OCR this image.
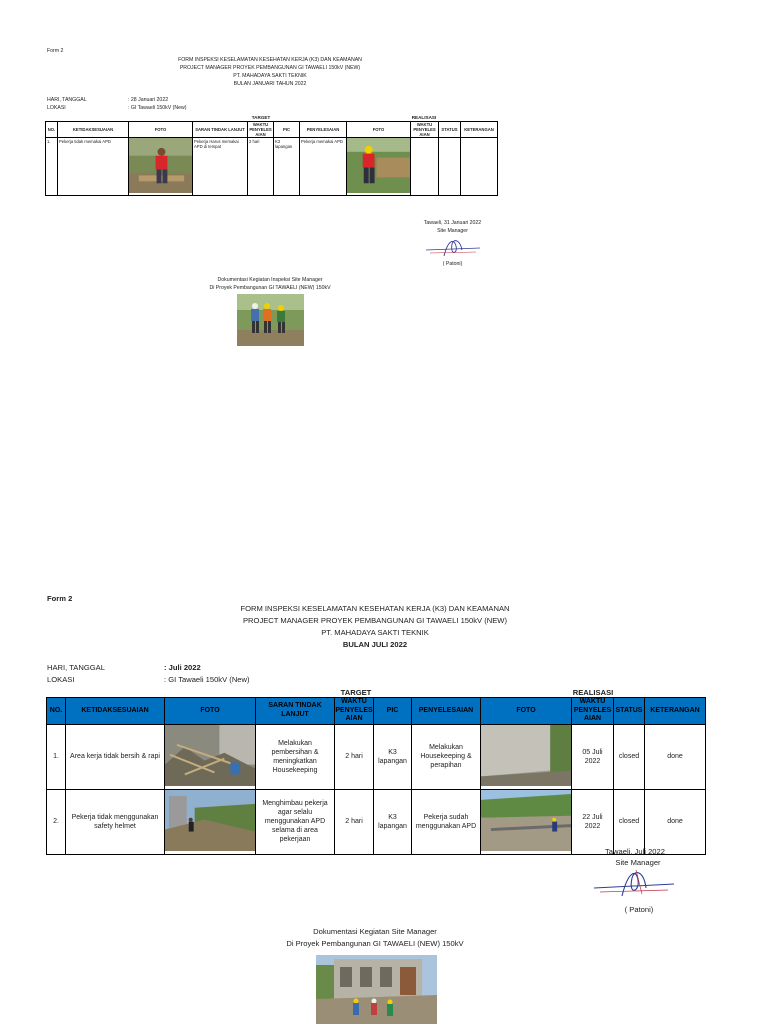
Form 2
FORM INSPEKSI KESELAMATAN KESEHATAN KERJA (K3) DAN KEAMANAN
PROJECT MANAGER PROYEK PEMBANGUNAN GI TAWAELI 150kV (NEW)
PT. MAHADAYA SAKTI TEKNIK
BULAN JANUARI TAHUN 2022
HARI, TANGGAL	: 28 Januari 2022
LOKASI	: GI Tawaeli 150kV (New)
TARGET	REALISASI
NO.	KETIDAKSESUAIAN	FOTO	SARAN TINDAK LANJUT	WAKTU PENYELES AIAN	PIC	PENYELESAIAN	FOTO	WAKTU PENYELES AIAN	STATUS	KETERANGAN
1.	Pekerja tidak memakai APD		Pekerja Harus memakai APD di tempat	2 hari	K3 lapangan	Pekerja memakai APD				
Tawaeli, 31 Januari 2022
Site Manager
( Patoni)
Dokumentasi Kegiatan Inspeksi Site Manager
Di Proyek Pembangunan GI TAWAELI (NEW) 150kV
Form 2
FORM INSPEKSI KESELAMATAN KESEHATAN KERJA (K3) DAN KEAMANAN
PROJECT MANAGER PROYEK PEMBANGUNAN GI TAWAELI 150kV (NEW)
PT. MAHADAYA SAKTI TEKNIK
BULAN JULI 2022
HARI, TANGGAL	: Juli 2022
LOKASI	: GI Tawaeli 150kV (New)
TARGET	REALISASI
NO.	KETIDAKSESUAIAN	FOTO	SARAN TINDAK LANJUT	WAKTU PENYELES AIAN	PIC	PENYELESAIAN	FOTO	WAKTU PENYELES AIAN	STATUS	KETERANGAN
1.	Area kerja tidak bersih & rapi		Melakukan pembersihan & meningkatkan Housekeeping	2 hari	K3 lapangan	Melakukan Housekeeping & perapihan		05 Juli 2022	closed	done
2.	Pekerja tidak menggunakan safety helmet		Menghimbau pekerja agar selalu menggunakan APD selama di area pekerjaan	2 hari	K3 lapangan	Pekerja sudah menggunakan APD		22 Juli 2022	closed	done
Tawaeli, Juli 2022
Site Manager
( Patoni)
Dokumentasi Kegiatan Site Manager
Di Proyek Pembangunan GI TAWAELI (NEW) 150kV
